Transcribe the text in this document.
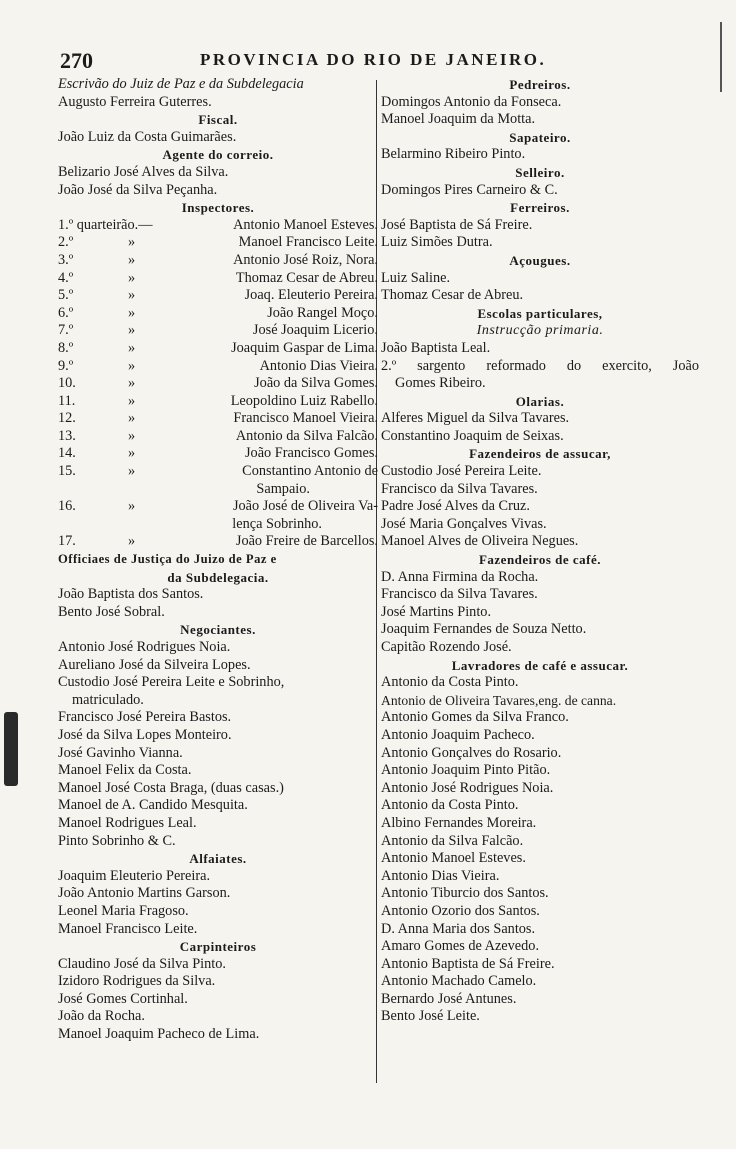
270	PROVINCIA DO RIO DE JANEIRO.
Escrivão do Juiz de Paz e da Subdelegacia
Augusto Ferreira Guterres.
Fiscal.
João Luiz da Costa Guimarães.
Agente do correio.
Belizario José Alves da Silva.
João José da Silva Peçanha.
Inspectores.
1.º quarteirão.—	Antonio Manoel Esteves.
2.º	»	Manoel Francisco Leite.
3.º	»	Antonio José Roiz, Nora.
4.º	»	Thomaz Cesar de Abreu.
5.º	»	Joaq. Eleuterio Pereira.
6.º	»	João Rangel Moço.
7.º	»	José Joaquim Licerio.
8.º	»	Joaquim Gaspar de Lima.
9.º	»	Antonio Dias Vieira.
10.	»	João da Silva Gomes.
11.	»	Leopoldino Luiz Rabello.
12.	»	Francisco Manoel Vieira.
13.	»	Antonio da Silva Falcão.
14.	»	João Francisco Gomes.
15.	»	Constantino Antonio de
Sampaio.
16.	»	João José de Oliveira Va-
lença Sobrinho.
17.	»	João Freire de Barcellos.
Officiaes de Justiça do Juizo de Paz e
da Subdelegacia.
João Baptista dos Santos.
Bento José Sobral.
Negociantes.
Antonio José Rodrigues Noia.
Aureliano José da Silveira Lopes.
Custodio José Pereira Leite e Sobrinho,
matriculado.
Francisco José Pereira Bastos.
José da Silva Lopes Monteiro.
José Gavinho Vianna.
Manoel Felix da Costa.
Manoel José Costa Braga, (duas casas.)
Manoel de A. Candido Mesquita.
Manoel Rodrigues Leal.
Pinto Sobrinho & C.
Alfaiates.
Joaquim Eleuterio Pereira.
João Antonio Martins Garson.
Leonel Maria Fragoso.
Manoel Francisco Leite.
Carpinteiros
Claudino José da Silva Pinto.
Izidoro Rodrigues da Silva.
José Gomes Cortinhal.
João da Rocha.
Manoel Joaquim Pacheco de Lima.
Pedreiros.
Domingos Antonio da Fonseca.
Manoel Joaquim da Motta.
Sapateiro.
Belarmino Ribeiro Pinto.
Selleiro.
Domingos Pires Carneiro & C.
Ferreiros.
José Baptista de Sá Freire.
Luiz Simões Dutra.
Açougues.
Luiz Saline.
Thomaz Cesar de Abreu.
Escolas particulares,
Instrucção primaria.
João Baptista Leal.
2.º sargento reformado do exercito, João
Gomes Ribeiro.
Olarias.
Alferes Miguel da Silva Tavares.
Constantino Joaquim de Seixas.
Fazendeiros de assucar,
Custodio José Pereira Leite.
Francisco da Silva Tavares.
Padre José Alves da Cruz.
José Maria Gonçalves Vivas.
Manoel Alves de Oliveira Negues.
Fazendeiros de café.
D. Anna Firmina da Rocha.
Francisco da Silva Tavares.
José Martins Pinto.
Joaquim Fernandes de Souza Netto.
Capitão Rozendo José.
Lavradores de café e assucar.
Antonio da Costa Pinto.
Antonio de Oliveira Tavares,eng. de canna.
Antonio Gomes da Silva Franco.
Antonio Joaquim Pacheco.
Antonio Gonçalves do Rosario.
Antonio Joaquim Pinto Pitão.
Antonio José Rodrigues Noia.
Antonio da Costa Pinto.
Albino Fernandes Moreira.
Antonio da Silva Falcão.
Antonio Manoel Esteves.
Antonio Dias Vieira.
Antonio Tiburcio dos Santos.
Antonio Ozorio dos Santos.
D. Anna Maria dos Santos.
Amaro Gomes de Azevedo.
Antonio Baptista de Sá Freire.
Antonio Machado Camelo.
Bernardo José Antunes.
Bento José Leite.
